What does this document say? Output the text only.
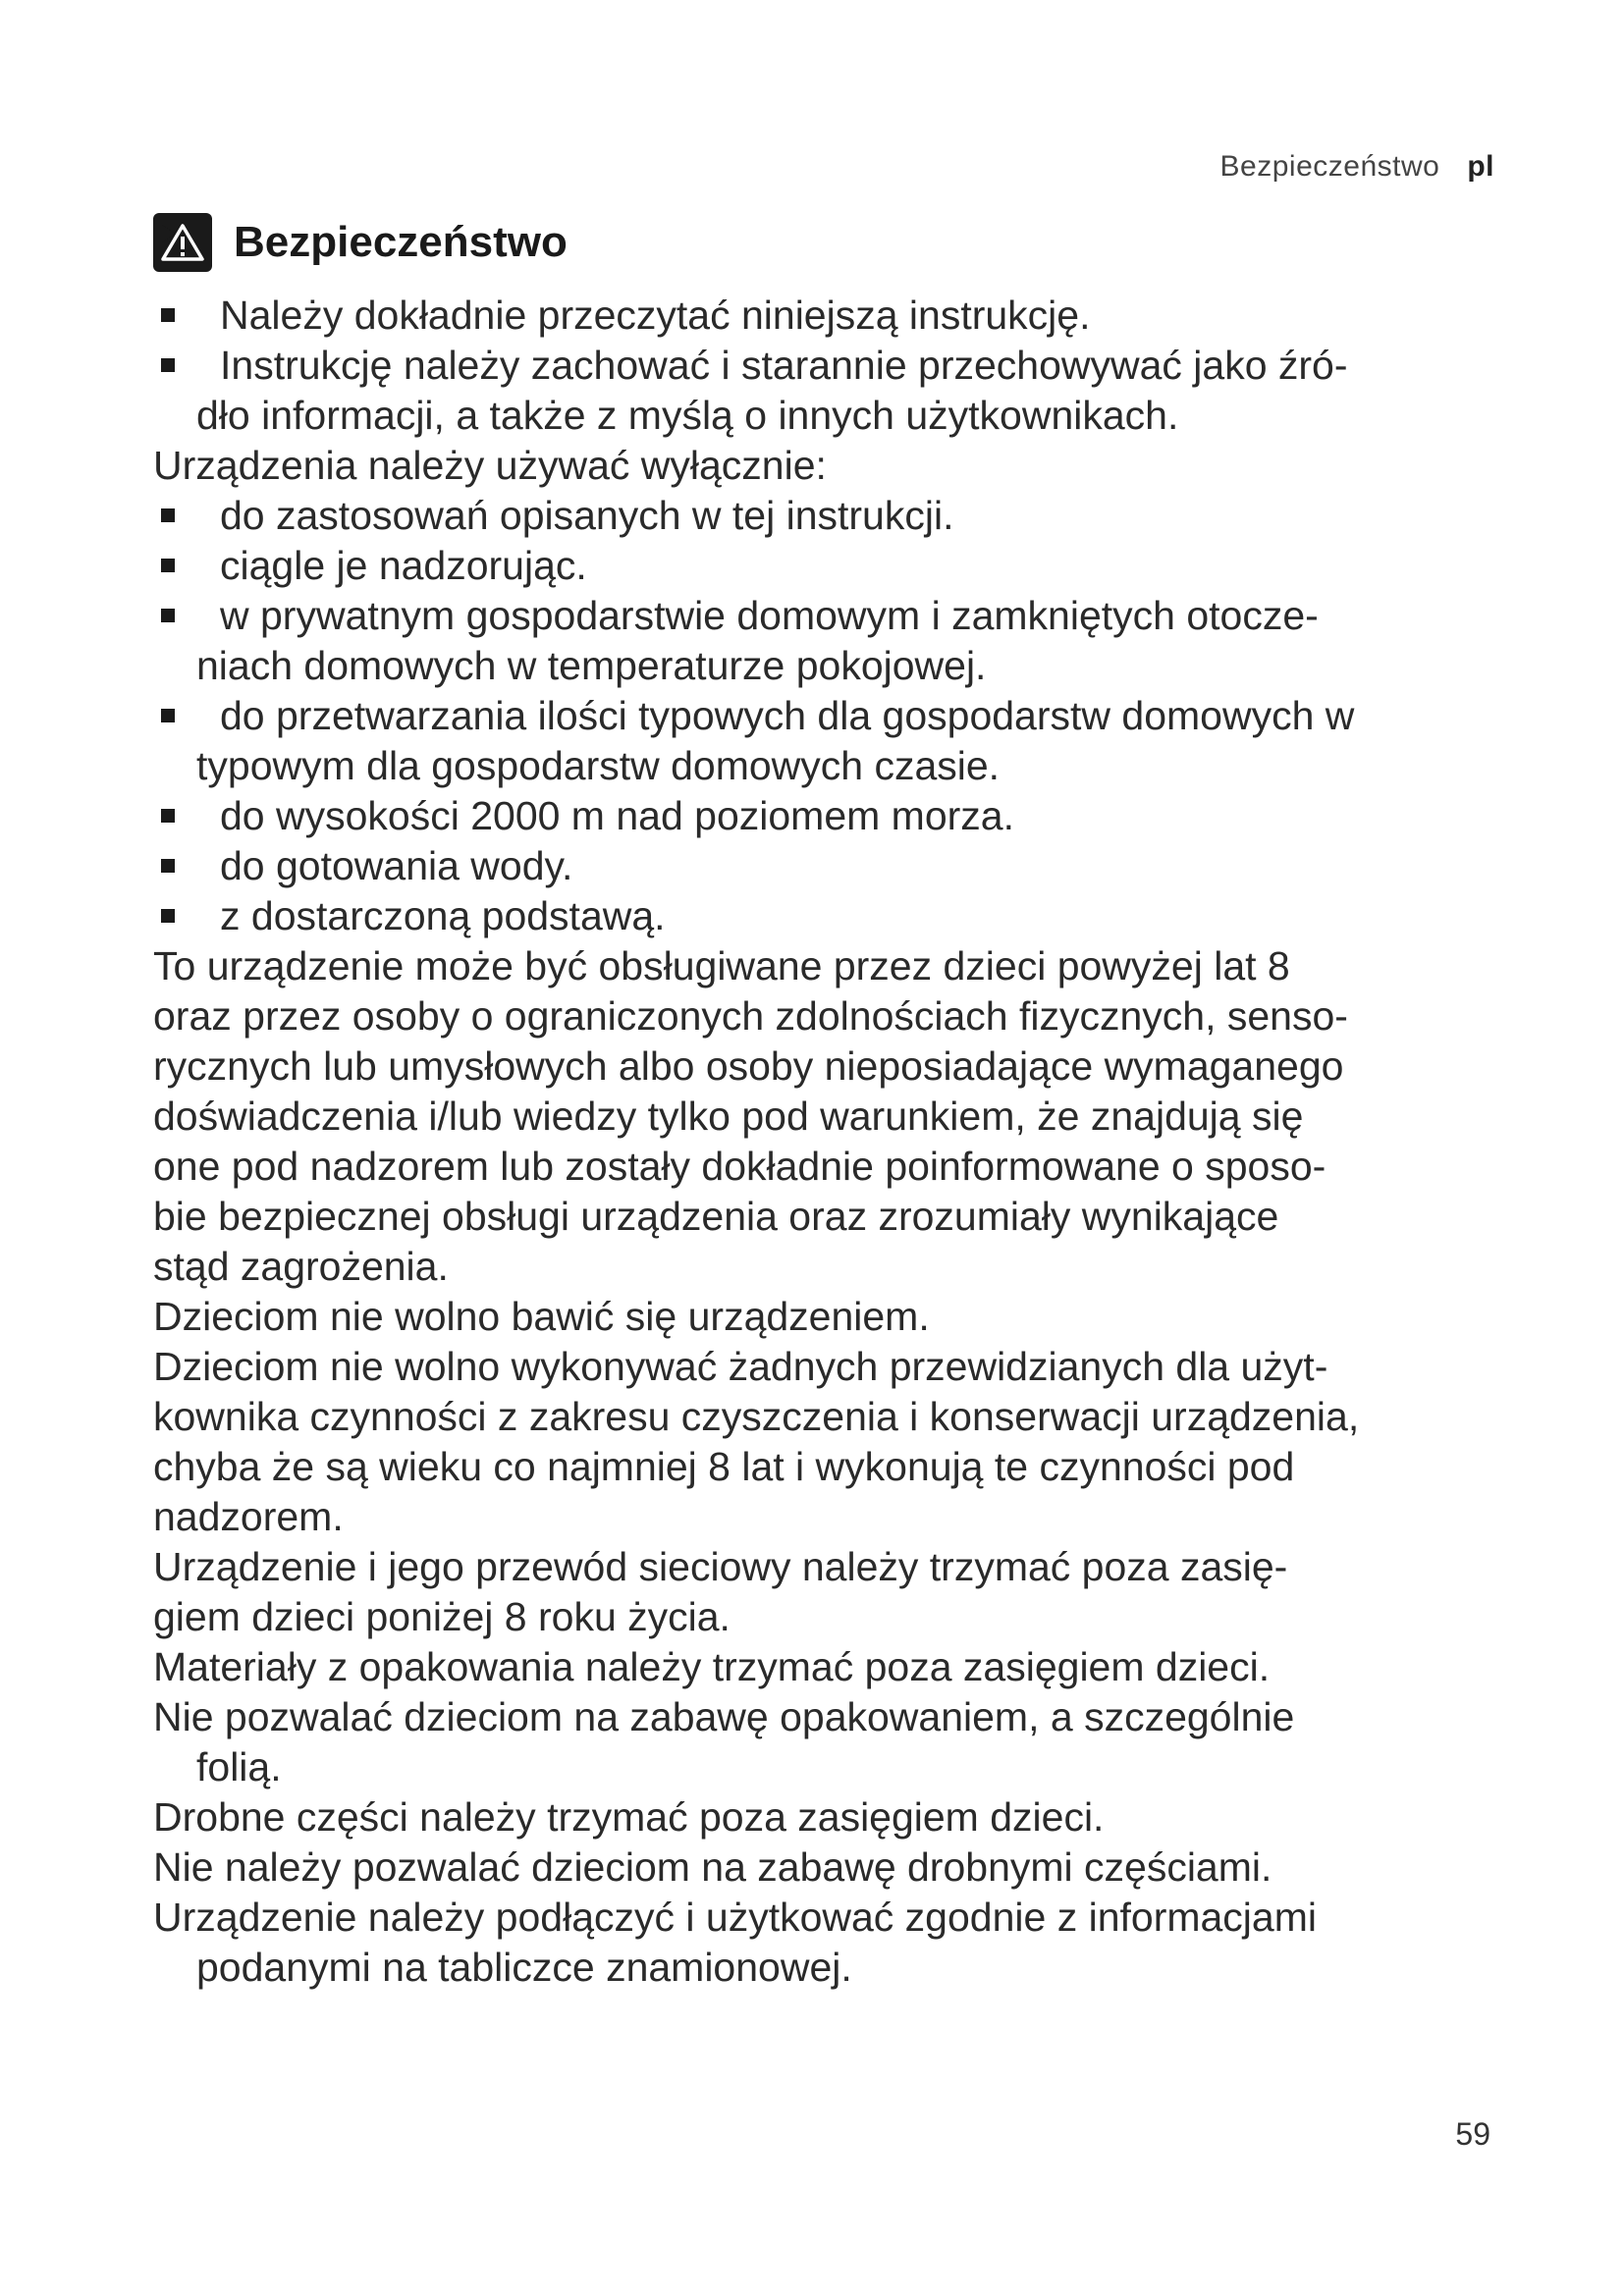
Bezpieczeństwo pl
Bezpieczeństwo
Należy dokładnie przeczytać niniejszą instrukcję.
Instrukcję należy zachować i starannie przechowywać jako źró-
dło informacji, a także z myślą o innych użytkownikach.
Urządzenia należy używać wyłącznie:
do zastosowań opisanych w tej instrukcji.
ciągle je nadzorując.
w prywatnym gospodarstwie domowym i zamkniętych otocze-
niach domowych w temperaturze pokojowej.
do przetwarzania ilości typowych dla gospodarstw domowych w
typowym dla gospodarstw domowych czasie.
do wysokości 2000 m nad poziomem morza.
do gotowania wody.
z dostarczoną podstawą.
To urządzenie może być obsługiwane przez dzieci powyżej lat 8
oraz przez osoby o ograniczonych zdolnościach fizycznych, senso-
rycznych lub umysłowych albo osoby nieposiadające wymaganego
doświadczenia i/lub wiedzy tylko pod warunkiem, że znajdują się
one pod nadzorem lub zostały dokładnie poinformowane o sposo-
bie bezpiecznej obsługi urządzenia oraz zrozumiały wynikające
stąd zagrożenia.
Dzieciom nie wolno bawić się urządzeniem.
Dzieciom nie wolno wykonywać żadnych przewidzianych dla użyt-
kownika czynności z zakresu czyszczenia i konserwacji urządzenia,
chyba że są wieku co najmniej 8 lat i wykonują te czynności pod
nadzorem.
Urządzenie i jego przewód sieciowy należy trzymać poza zasię-
giem dzieci poniżej 8 roku życia.
Materiały z opakowania należy trzymać poza zasięgiem dzieci.
Nie pozwalać dzieciom na zabawę opakowaniem, a szczególnie
folią.
Drobne części należy trzymać poza zasięgiem dzieci.
Nie należy pozwalać dzieciom na zabawę drobnymi częściami.
Urządzenie należy podłączyć i użytkować zgodnie z informacjami
podanymi na tabliczce znamionowej.
59
